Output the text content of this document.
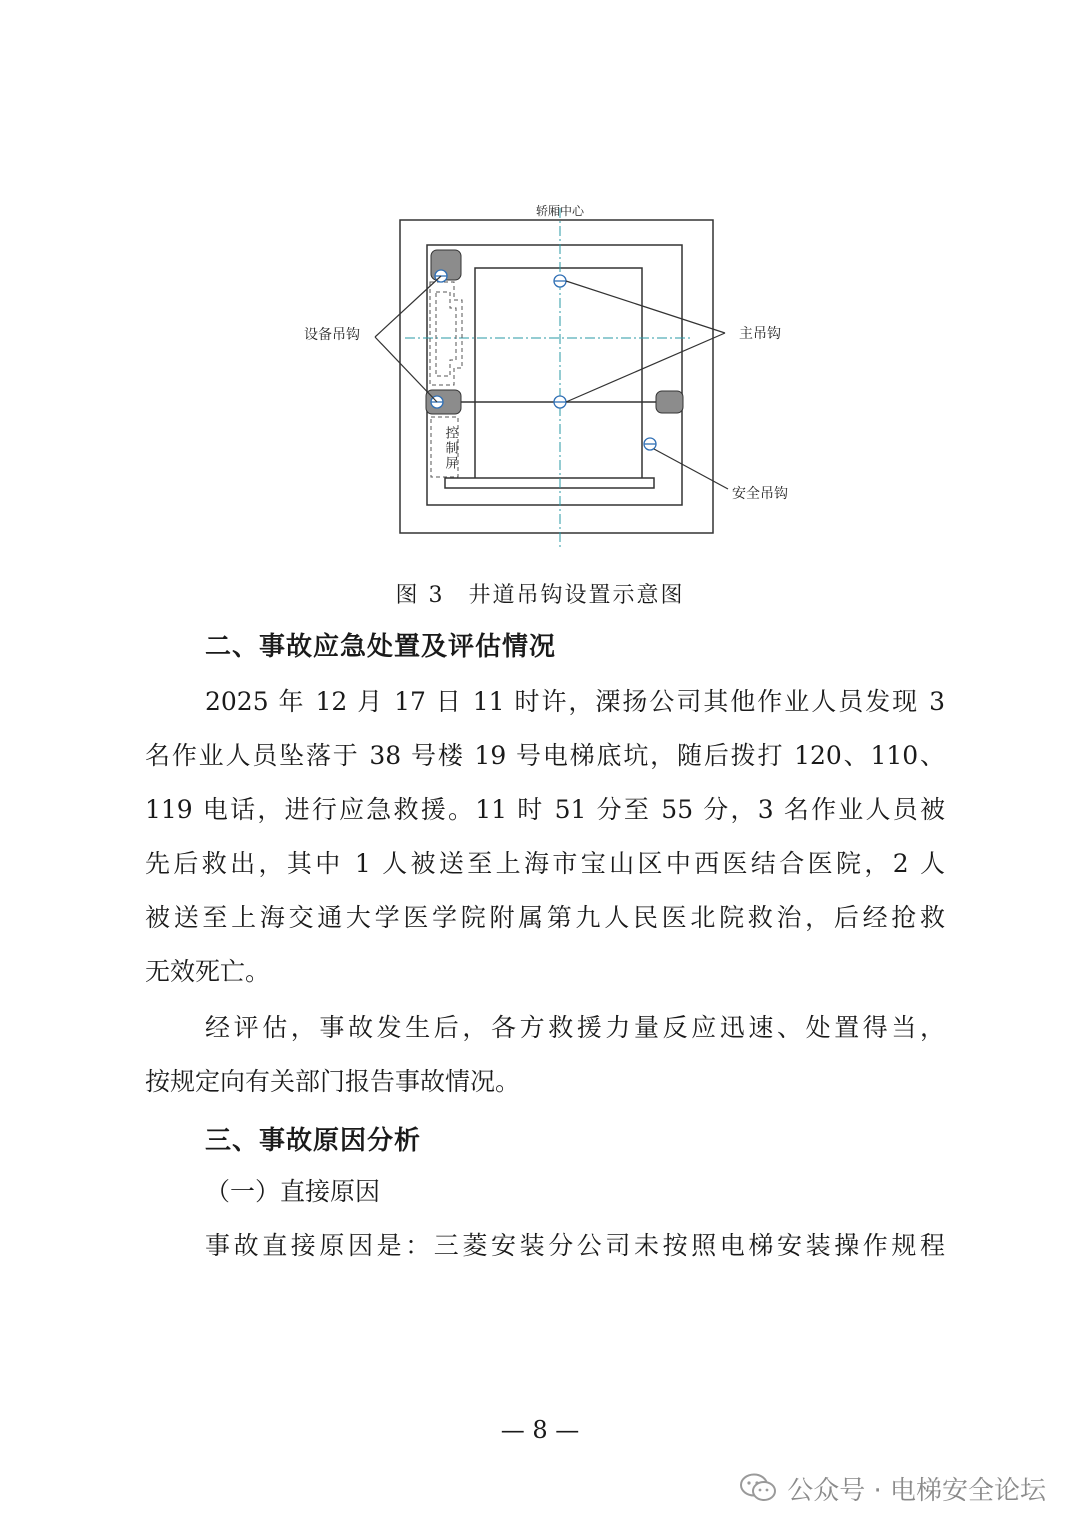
轿厢中心
设备吊钩	主吊钩
安全吊钩
控制屏
图 3　井道吊钩设置示意图
二、事故应急处置及评估情况
2025 年 12 月 17 日 11 时许，溧扬公司其他作业人员发现 3
名作业人员坠落于 38 号楼 19 号电梯底坑，随后拨打 120、110、
119 电话，进行应急救援。11 时 51 分至 55 分，3 名作业人员被
先后救出，其中 1 人被送至上海市宝山区中西医结合医院，2 人
被送至上海交通大学医学院附属第九人民医北院救治，后经抢救
无效死亡。
经评估，事故发生后，各方救援力量反应迅速、处置得当，
按规定向有关部门报告事故情况。
三、事故原因分析
（一）直接原因
事故直接原因是：三菱安装分公司未按照电梯安装操作规程
— 8 —
公众号 · 电梯安全论坛
